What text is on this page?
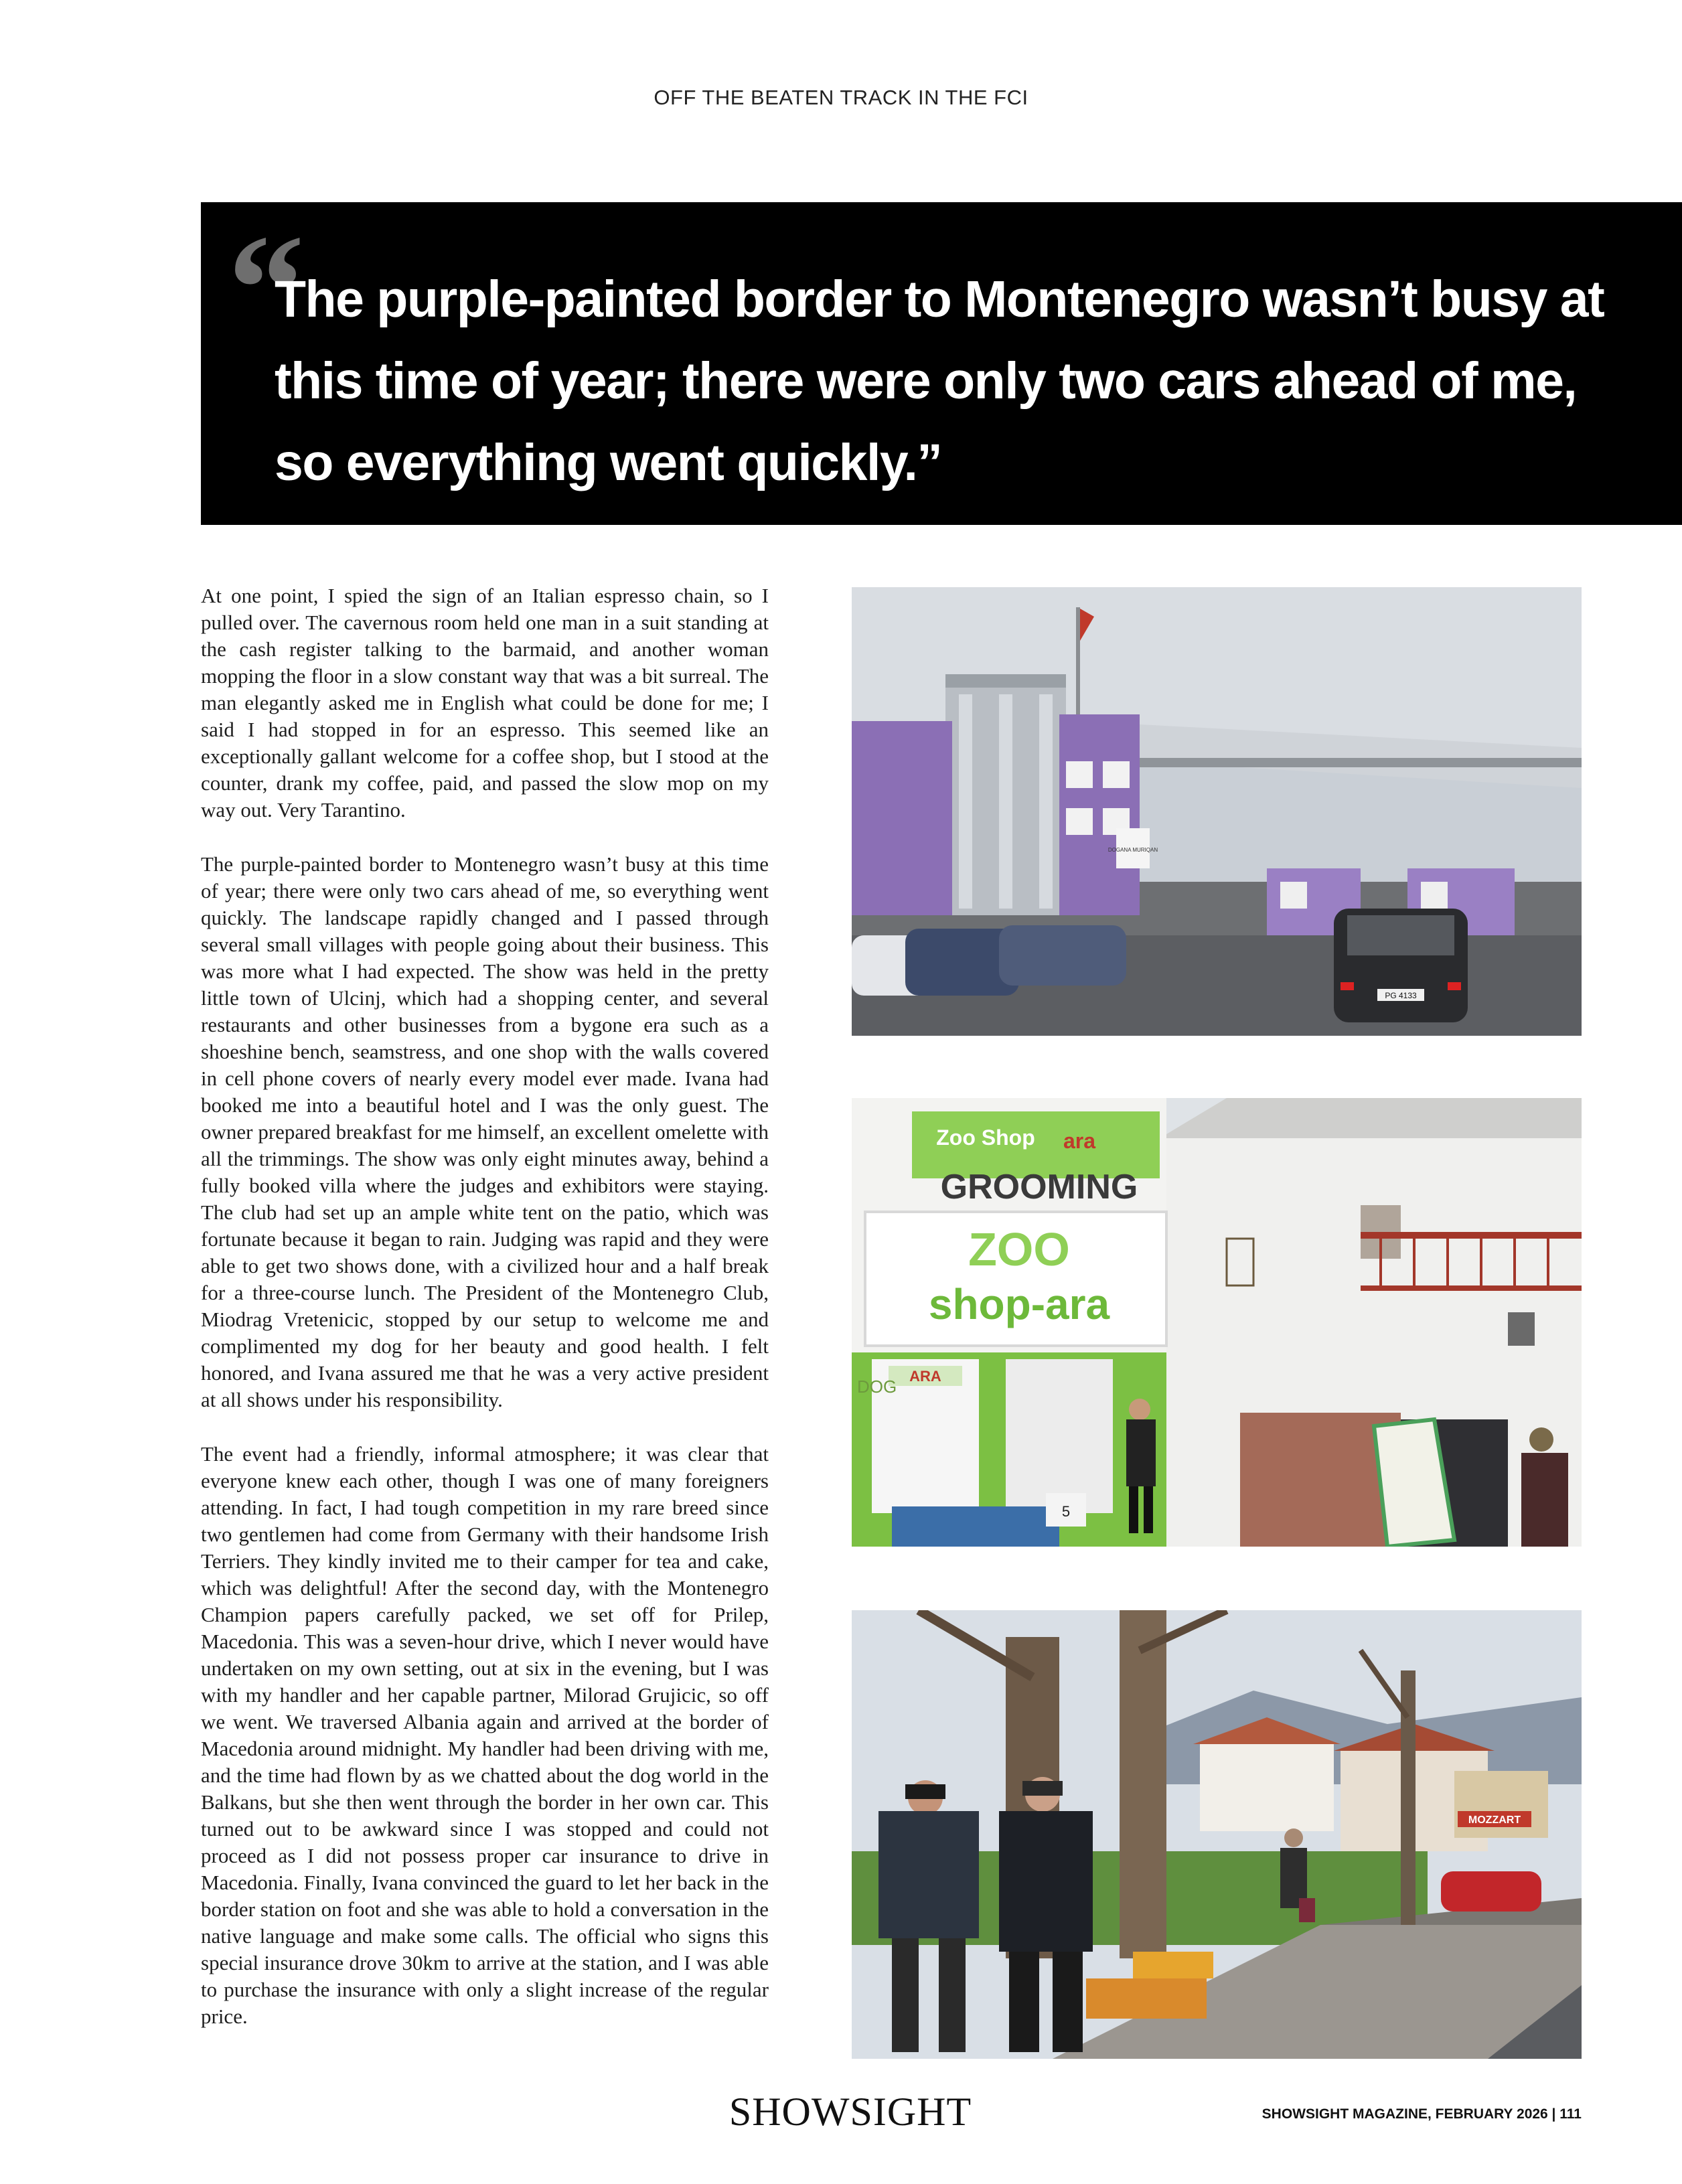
OFF THE BEATEN TRACK IN THE FCI
“
The purple-painted border to Montenegro wasn’t busy at this time of year; there were only two cars ahead of me, so everything went quickly.”

At one point, I spied the sign of an Italian espresso chain, so I pulled over. The cavernous room held one man in a suit standing at the cash register talking to the barmaid, and another woman mopping the floor in a slow constant way that was a bit surreal. The man elegantly asked me in English what could be done for me; I said I had stopped in for an espresso. This seemed like an exceptionally gallant welcome for a coffee shop, but I stood at the counter, drank my coffee, paid, and passed the slow mop on my way out. Very Tarantino.

The purple-painted border to Montenegro wasn’t busy at this time of year; there were only two cars ahead of me, so everything went quickly. The landscape rapidly changed and I passed through several small villages with people going about their business. This was more what I had expected. The show was held in the pretty little town of Ulcinj, which had a shopping center, and several restaurants and other businesses from a bygone era such as a shoeshine bench, seamstress, and one shop with the walls covered in cell phone covers of nearly every model ever made. Ivana had booked me into a beautiful hotel and I was the only guest. The owner prepared breakfast for me himself, an excellent omelette with all the trimmings. The show was only eight minutes away, behind a fully booked villa where the judges and exhibitors were staying. The club had set up an ample white tent on the patio, which was fortunate because it began to rain. Judging was rapid and they were able to get two shows done, with a civilized hour and a half break for a three-course lunch. The President of the Montenegro Club, Miodrag Vretenicic, stopped by our setup to welcome me and complimented my dog for her beauty and good health. I felt honored, and Ivana assured me that he was a very active president at all shows under his responsibility.

The event had a friendly, informal atmosphere; it was clear that everyone knew each other, though I was one of many foreigners attending. In fact, I had tough competition in my rare breed since two gentlemen had come from Germany with their handsome Irish Terriers. They kindly invited me to their camper for tea and cake, which was delightful! After the second day, with the Montenegro Champion papers carefully packed, we set off for Prilep, Macedonia. This was a seven-hour drive, which I never would have undertaken on my own setting, out at six in the evening, but I was with my handler and her capable partner, Milorad Grujicic, so off we went. We traversed Albania again and arrived at the border of Macedonia around midnight. My handler had been driving with me, and the time had flown by as we chatted about the dog world in the Balkans, but she then went through the border in her own car. This turned out to be awkward since I was stopped and could not proceed as I did not possess proper car insurance to drive in Macedonia. Finally, Ivana convinced the guard to let her back in the border station on foot and she was able to hold a conversation in the native language and make some calls. The official who signs this special insurance drove 30km to arrive at the station, and I was able to purchase the insurance with only a slight increase of the regular price.

DOGANA MURIQAN
PG 4133
ARA
DOG
Zoo Shop ara
GROOMING
ZOO
shop-ara
5
MOZZART
SHOWSIGHT	SHOWSIGHT MAGAZINE, FEBRUARY 2026 | 111
